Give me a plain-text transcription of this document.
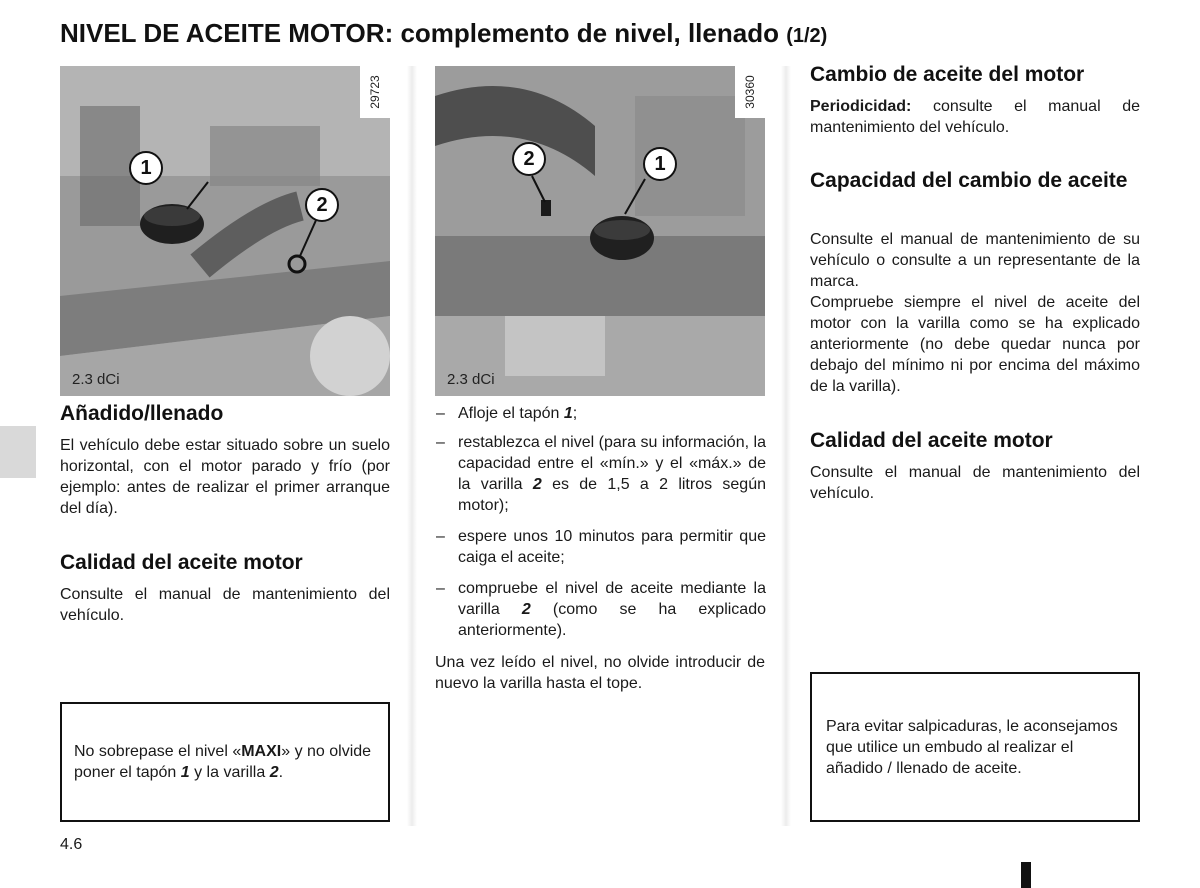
NIVEL DE ACEITE MOTOR: complemento de nivel, llenado (1/2)
29723
2.3 dCi
1
2
30360
2.3 dCi
2	1
Añadido/llenado

El vehículo debe estar situado sobre un suelo horizontal, con el motor parado y frío (por ejemplo: antes de realizar el primer arranque del día).

Calidad del aceite motor

Consulte el manual de mantenimiento del vehículo.

No sobrepase el nivel «MAXI» y no olvide poner el tapón 1 y la varilla 2.

– Afloje el tapón 1;
– restablezca el nivel (para su información, la capacidad entre el «mín.» y el «máx.» de la varilla 2 es de 1,5 a 2 litros según motor);
– espere unos 10 minutos para permitir que caiga el aceite;
– compruebe el nivel de aceite mediante la varilla 2 (como se ha explicado anteriormente).

Una vez leído el nivel, no olvide introducir de nuevo la varilla hasta el tope.

Cambio de aceite del motor

Periodicidad: consulte el manual de mantenimiento del vehículo.

Capacidad del cambio de aceite

Consulte el manual de mantenimiento de su vehículo o consulte a un representante de la marca.

Compruebe siempre el nivel de aceite del motor con la varilla como se ha explicado anteriormente (no debe quedar nunca por debajo del mínimo ni por encima del máximo de la varilla).

Calidad del aceite motor

Consulte el manual de mantenimiento del vehículo.

Para evitar salpicaduras, le aconsejamos que utilice un embudo al realizar el añadido / llenado de aceite.

4.6
